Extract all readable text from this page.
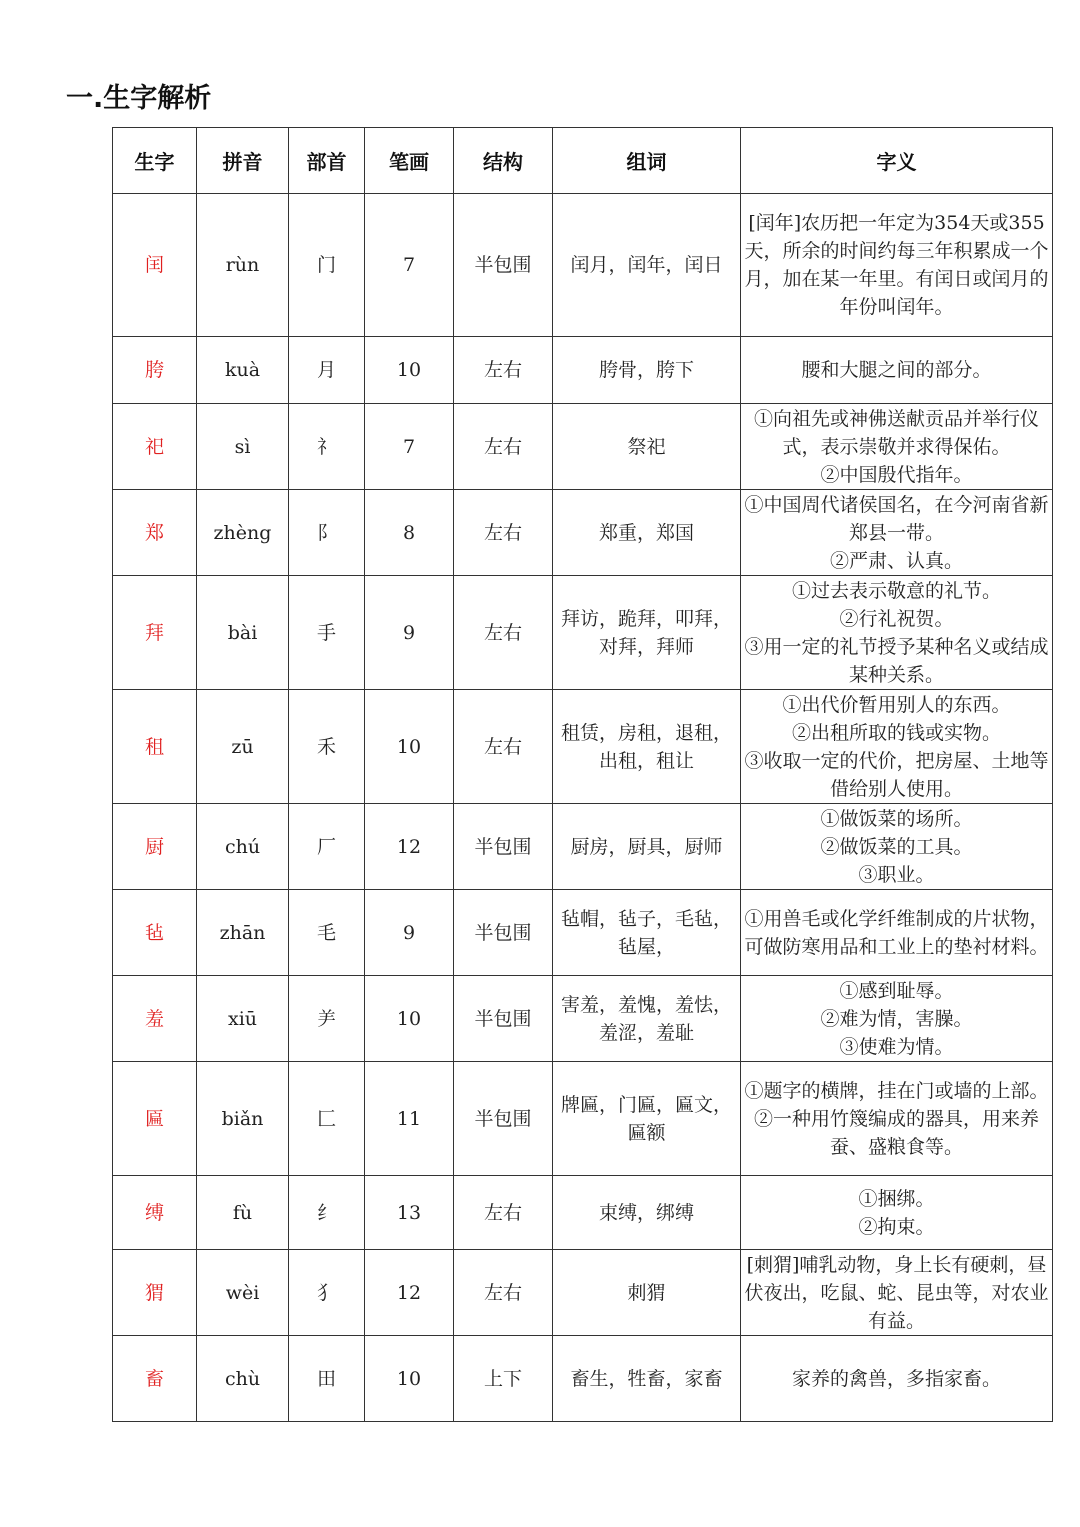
一.生字解析
生字	拼音	部首	笔画	结构	组词	字义
闰	rùn	门	7	半包围	闰月，闰年，闰日	[闰年]农历把一年定为354天或355天，所余的时间约每三年积累成一个月，加在某一年里。有闰日或闰月的年份叫闰年。

胯	kuà	月	10	左右	胯骨，胯下	腰和大腿之间的部分。

祀	sì	礻	7	左右	祭祀	①向祖先或神佛送献贡品并举行仪式，表示崇敬并求得保佑。
②中国殷代指年。

郑	zhèng	阝	8	左右	郑重，郑国	①中国周代诸侯国名，在今河南省新郑县一带。
②严肃、认真。

拜	bài	手	9	左右	拜访，跪拜，叩拜，
对拜，拜师	①过去表示敬意的礼节。
②行礼祝贺。
③用一定的礼节授予某种名义或结成某种关系。

租	zū	禾	10	左右	租赁，房租，退租，
出租，租让	①出代价暂用别人的东西。
②出租所取的钱或实物。
③收取一定的代价，把房屋、土地等借给别人使用。

厨	chú	厂	12	半包围	厨房，厨具，厨师	①做饭菜的场所。
②做饭菜的工具。
③职业。

毡	zhān	毛	9	半包围	毡帽，毡子，毛毡，
毡屋，	①用兽毛或化学纤维制成的片状物，可做防寒用品和工业上的垫衬材料。

羞	xiū	⺶	10	半包围	害羞，羞愧，羞怯，
羞涩，羞耻	①感到耻辱。
②难为情，害臊。
③使难为情。

匾	biǎn	匚	11	半包围	牌匾，门匾，匾文，
匾额	①题字的横牌，挂在门或墙的上部。
②一种用竹篾编成的器具，用来养蚕、盛粮食等。

缚	fù	纟	13	左右	束缚，绑缚	①捆绑。
②拘束。

猬	wèi	犭	12	左右	刺猬	[刺猬]哺乳动物，身上长有硬刺，昼伏夜出，吃鼠、蛇、昆虫等，对农业有益。

畜	chù	田	10	上下	畜生，牲畜，家畜	家养的禽兽，多指家畜。
